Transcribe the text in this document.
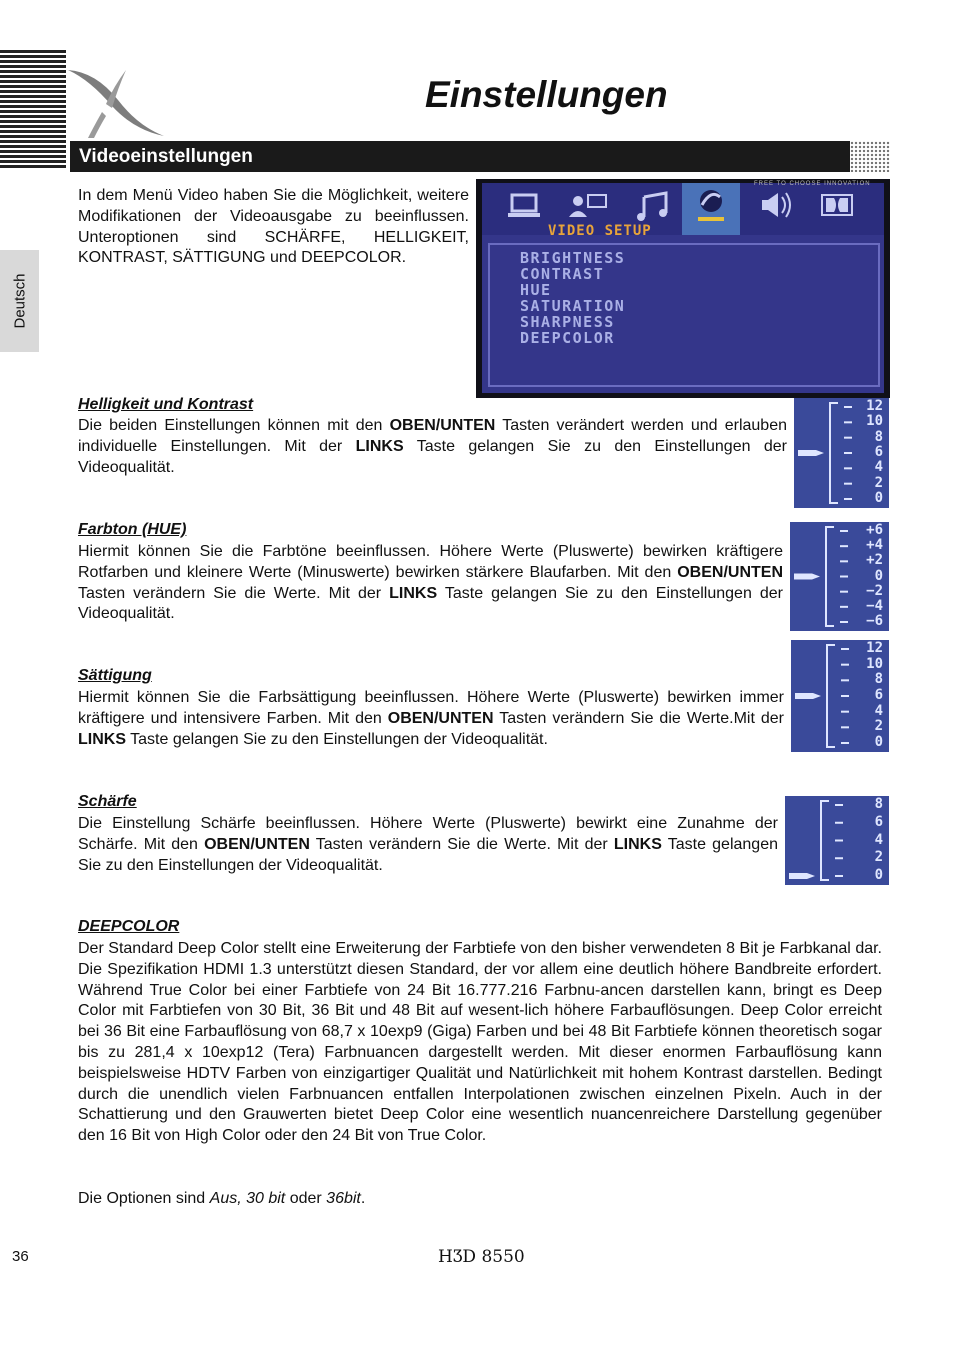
Einstellungen
Videoeinstellungen
Deutsch

In dem Menü Video haben Sie die Möglichkeit, weitere Modifikationen der Videoausgabe zu beeinflussen. Unteroptionen sind SCHÄRFE, HELLIGKEIT, KONTRAST, SÄTTIGUNG und DEEPCOLOR.

FREE TO CHOOSE INNOVATION
VIDEO SETUP
BRIGHTNESS
CONTRAST
HUE
SATURATION
SHARPNESS
DEEPCOLOR

Helligkeit und Kontrast

Die beiden Einstellungen können mit den OBEN/UNTEN Tasten verändert werden und erlauben individuelle Einstellungen. Mit der LINKS Taste gelangen Sie zu den Einstellungen der Videoqualität.

12
10
8
6
4
2
0

Farbton (HUE)

Hiermit können Sie die Farbtöne beeinflussen. Höhere Werte (Pluswerte) bewirken kräftigere Rotfarben und kleinere Werte (Minuswerte) bewirken stärkere Blaufarben. Mit den OBEN/UNTEN Tasten verändern Sie die Werte. Mit der LINKS Taste gelangen Sie zu den Einstellungen der Videoqualität.

+6
+4
+2
0
−2
−4
−6

Sättigung

Hiermit können Sie die Farbsättigung beeinflussen. Höhere Werte (Pluswerte) bewirken immer kräftigere und intensivere Farben. Mit den OBEN/UNTEN Tasten verändern Sie die Werte.Mit der LINKS Taste gelangen Sie zu den Einstellungen der Videoqualität.

12
10
8
6
4
2
0

Schärfe

Die Einstellung Schärfe beeinflussen. Höhere Werte (Pluswerte) bewirkt eine Zunahme der Schärfe. Mit den OBEN/UNTEN Tasten verändern Sie die Werte. Mit der LINKS Taste gelangen Sie zu den Einstellungen der Videoqualität.

8
6
4
2
0

DEEPCOLOR

Der Standard Deep Color stellt eine Erweiterung der Farbtiefe von den bisher verwendeten 8 Bit je Farbkanal dar. Die Spezifikation HDMI 1.3 unterstützt diesen Standard, der vor allem eine deutlich höhere Bandbreite erfordert. Während True Color bei einer Farbtiefe von 24 Bit 16.777.216 Farbnu-ancen darstellen kann, bringt es Deep Color mit Farbtiefen von 30 Bit, 36 Bit und 48 Bit auf wesent-lich höhere Farbauflösungen. Deep Color erreicht bei 36 Bit eine Farbauflösung von 68,7 x 10exp9 (Giga) Farben und bei 48 Bit Farbtiefe können theoretisch sogar bis zu 281,4 x 10exp12 (Tera) Farbnuancen dargestellt werden. Mit dieser enormen Farbauflösung kann beispielsweise HDTV Farben von einzigartiger Qualität und Natürlichkeit mit hohem Kontrast darstellen. Bedingt durch die unendlich vielen Farbnuancen entfallen Interpolationen zwischen einzelnen Pixeln. Auch in der Schattierung und den Grauwerten bietet Deep Color eine wesentlich nuancenreichere Darstellung gegenüber den 16 Bit von High Color oder den 24 Bit von True Color.

Die Optionen sind Aus, 30 bit oder 36bit.

36	HƷD 8550
